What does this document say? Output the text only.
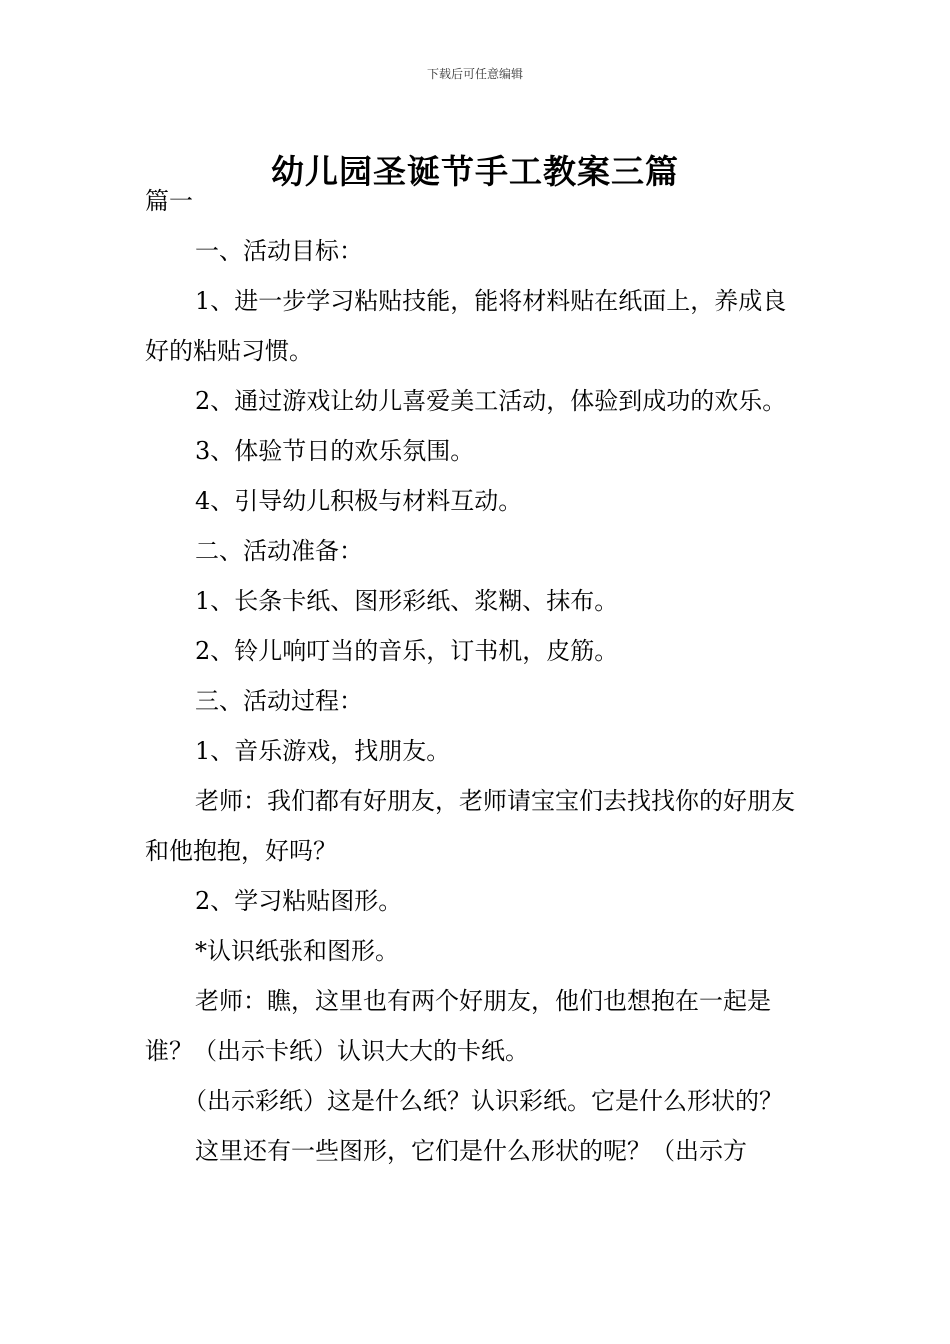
下载后可任意编辑
幼儿园圣诞节手工教案三篇

篇一

一、活动目标：

1、进一步学习粘贴技能，能将材料贴在纸面上，养成良好的粘贴习惯。

2、通过游戏让幼儿喜爱美工活动，体验到成功的欢乐。

3、体验节日的欢乐氛围。

4、引导幼儿积极与材料互动。

二、活动准备：

1、长条卡纸、图形彩纸、浆糊、抹布。

2、铃儿响叮当的音乐，订书机，皮筋。

三、活动过程：

1、音乐游戏，找朋友。

老师：我们都有好朋友，老师请宝宝们去找找你的好朋友和他抱抱，好吗？

2、学习粘贴图形。

*认识纸张和图形。

老师：瞧，这里也有两个好朋友，他们也想抱在一起是谁？（出示卡纸）认识大大的卡纸。

（出示彩纸）这是什么纸？认识彩纸。它是什么形状的？

这里还有一些图形，它们是什么形状的呢？（出示方
